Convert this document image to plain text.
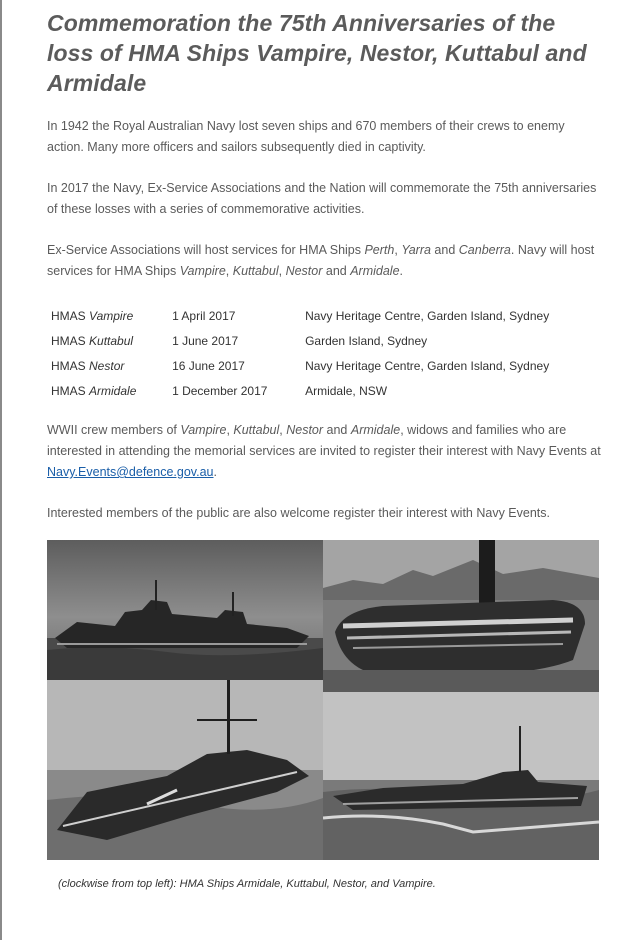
Commemoration the 75th Anniversaries of the loss of HMA Ships Vampire, Nestor, Kuttabul and Armidale

In 1942 the Royal Australian Navy lost seven ships and 670 members of their crews to enemy action. Many more officers and sailors subsequently died in captivity.

In 2017 the Navy, Ex-Service Associations and the Nation will commemorate the 75th anniversaries of these losses with a series of commemorative activities.

Ex-Service Associations will host services for HMA Ships Perth, Yarra and Canberra. Navy will host services for HMA Ships Vampire, Kuttabul, Nestor and Armidale.

HMAS Vampire	1 April 2017	Navy Heritage Centre, Garden Island, Sydney
HMAS Kuttabul	1 June 2017	Garden Island, Sydney
HMAS Nestor	16 June 2017	Navy Heritage Centre, Garden Island, Sydney
HMAS Armidale	1 December 2017	Armidale, NSW

WWII crew members of Vampire, Kuttabul, Nestor and Armidale, widows and families who are interested in attending the memorial services are invited to register their interest with Navy Events at Navy.Events@defence.gov.au.

Interested members of the public are also welcome register their interest with Navy Events.

(clockwise from top left): HMA Ships Armidale, Kuttabul, Nestor, and Vampire.
